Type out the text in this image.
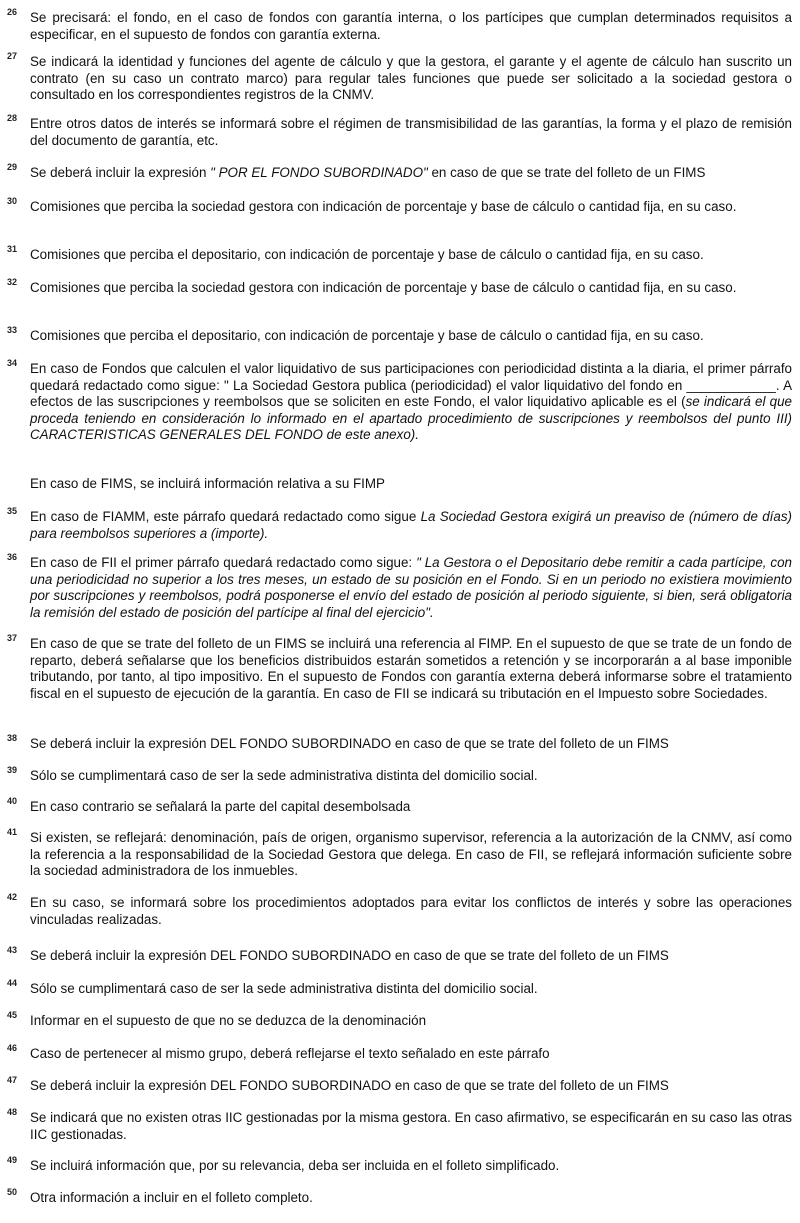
26 Se precisará: el fondo, en el caso de fondos con garantía interna, o los partícipes que cumplan determinados requisitos a especificar, en el supuesto de fondos con garantía externa.
27 Se indicará la identidad y funciones del agente de cálculo y que la gestora, el garante y el agente de cálculo han suscrito un contrato (en su caso un contrato marco) para regular tales funciones que puede ser solicitado a la sociedad gestora o consultado en los correspondientes registros de la CNMV.
28 Entre otros datos de interés se informará sobre el régimen de transmisibilidad de las garantías, la forma y el plazo de remisión del documento de garantía, etc.
29 Se deberá incluir la expresión " POR EL FONDO SUBORDINADO" en caso de que se trate del folleto de un FIMS
30 Comisiones que perciba la sociedad gestora con indicación de porcentaje y base de cálculo o cantidad fija, en su caso.
31 Comisiones que perciba el depositario, con indicación de porcentaje y base de cálculo o cantidad fija, en su caso.
32 Comisiones que perciba la sociedad gestora con indicación de porcentaje y base de cálculo o cantidad fija, en su caso.
33 Comisiones que perciba el depositario, con indicación de porcentaje y base de cálculo o cantidad fija, en su caso.
34 En caso de Fondos que calculen el valor liquidativo de sus participaciones con periodicidad distinta a la diaria, el primer párrafo quedará redactado como sigue: " La Sociedad Gestora publica (periodicidad) el valor liquidativo del fondo en ____________. A efectos de las suscripciones y reembolsos que se soliciten en este Fondo, el valor liquidativo aplicable es el (se indicará el que proceda teniendo en consideración lo informado en el apartado procedimiento de suscripciones y reembolsos del punto III) CARACTERISTICAS GENERALES DEL FONDO de este anexo).
En caso de FIMS, se incluirá información relativa a su FIMP
35 En caso de FIAMM, este párrafo quedará redactado como sigue La Sociedad Gestora exigirá un preaviso de (número de días) para reembolsos superiores a (importe).
36 En caso de FII el primer párrafo quedará redactado como sigue: " La Gestora o el Depositario debe remitir a cada partícipe, con una periodicidad no superior a los tres meses, un estado de su posición en el Fondo. Si en un periodo no existiera movimiento por suscripciones y reembolsos, podrá posponerse el envío del estado de posición al periodo siguiente, si bien, será obligatoria la remisión del estado de posición del partícipe al final del ejercicio".
37 En caso de que se trate del folleto de un FIMS se incluirá una referencia al FIMP. En el supuesto de que se trate de un fondo de reparto, deberá señalarse que los beneficios distribuidos estarán sometidos a retención y se incorporarán a al base imponible tributando, por tanto, al tipo impositivo. En el supuesto de Fondos con garantía externa deberá informarse sobre el tratamiento fiscal en el supuesto de ejecución de la garantía. En caso de FII se indicará su tributación en el Impuesto sobre Sociedades.
38 Se deberá incluir la expresión DEL FONDO SUBORDINADO en caso de que se trate del folleto de un FIMS
39 Sólo se cumplimentará caso de ser la sede administrativa distinta del domicilio social.
40 En caso contrario se señalará la parte del capital desembolsada
41 Si existen, se reflejará: denominación, país de origen, organismo supervisor, referencia a la autorización de la CNMV, así como la referencia a la responsabilidad de la Sociedad Gestora que delega. En caso de FII, se reflejará información suficiente sobre la sociedad administradora de los inmuebles.
42 En su caso, se informará sobre los procedimientos adoptados para evitar los conflictos de interés y sobre las operaciones vinculadas realizadas.
43 Se deberá incluir la expresión DEL FONDO SUBORDINADO en caso de que se trate del folleto de un FIMS
44 Sólo se cumplimentará caso de ser la sede administrativa distinta del domicilio social.
45 Informar en el supuesto de que no se deduzca de la denominación
46 Caso de pertenecer al mismo grupo, deberá reflejarse el texto señalado en este párrafo
47 Se deberá incluir la expresión DEL FONDO SUBORDINADO en caso de que se trate del folleto de un FIMS
48 Se indicará que no existen otras IIC gestionadas por la misma gestora. En caso afirmativo, se especificarán en su caso las otras IIC gestionadas.
49 Se incluirá información que, por su relevancia, deba ser incluida en el folleto simplificado.
50 Otra información a incluir en el folleto completo.
